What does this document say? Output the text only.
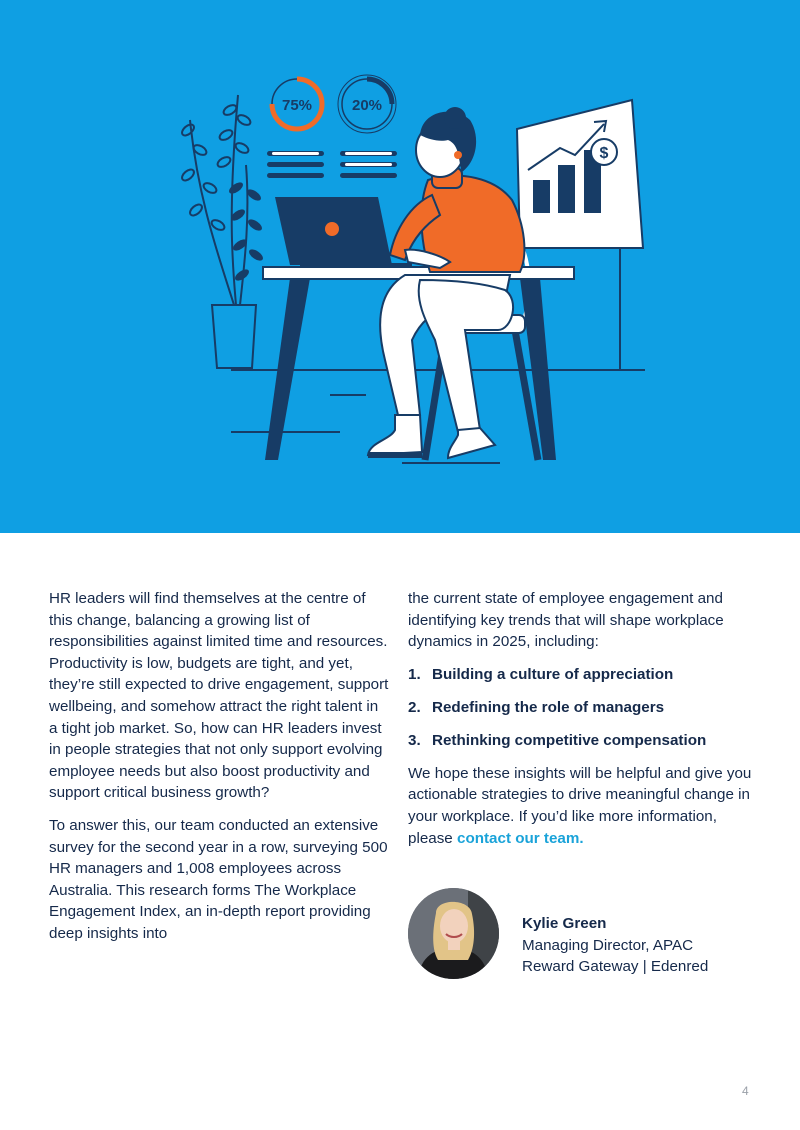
75%	20%
$

HR leaders will find themselves at the centre of this change, balancing a growing list of responsibilities against limited time and resources. Productivity is low, budgets are tight, and yet, they’re still expected to drive engagement, support wellbeing, and somehow attract the right talent in a tight job market. So, how can HR leaders invest in people strategies that not only support evolving employee needs but also boost productivity and support critical business growth?

To answer this, our team conducted an extensive survey for the second year in a row, surveying 500 HR managers and 1,008 employees across Australia. This research forms The Workplace Engagement Index, an in-depth report providing deep insights into

the current state of employee engagement and identifying key trends that will shape workplace dynamics in 2025, including:

1. Building a culture of appreciation
2. Redefining the role of managers
3. Rethinking competitive compensation

We hope these insights will be helpful and give you actionable strategies to drive meaningful change in your workplace. If you’d like more information, please contact our team.

Kylie Green
Managing Director, APAC
Reward Gateway | Edenred
4
